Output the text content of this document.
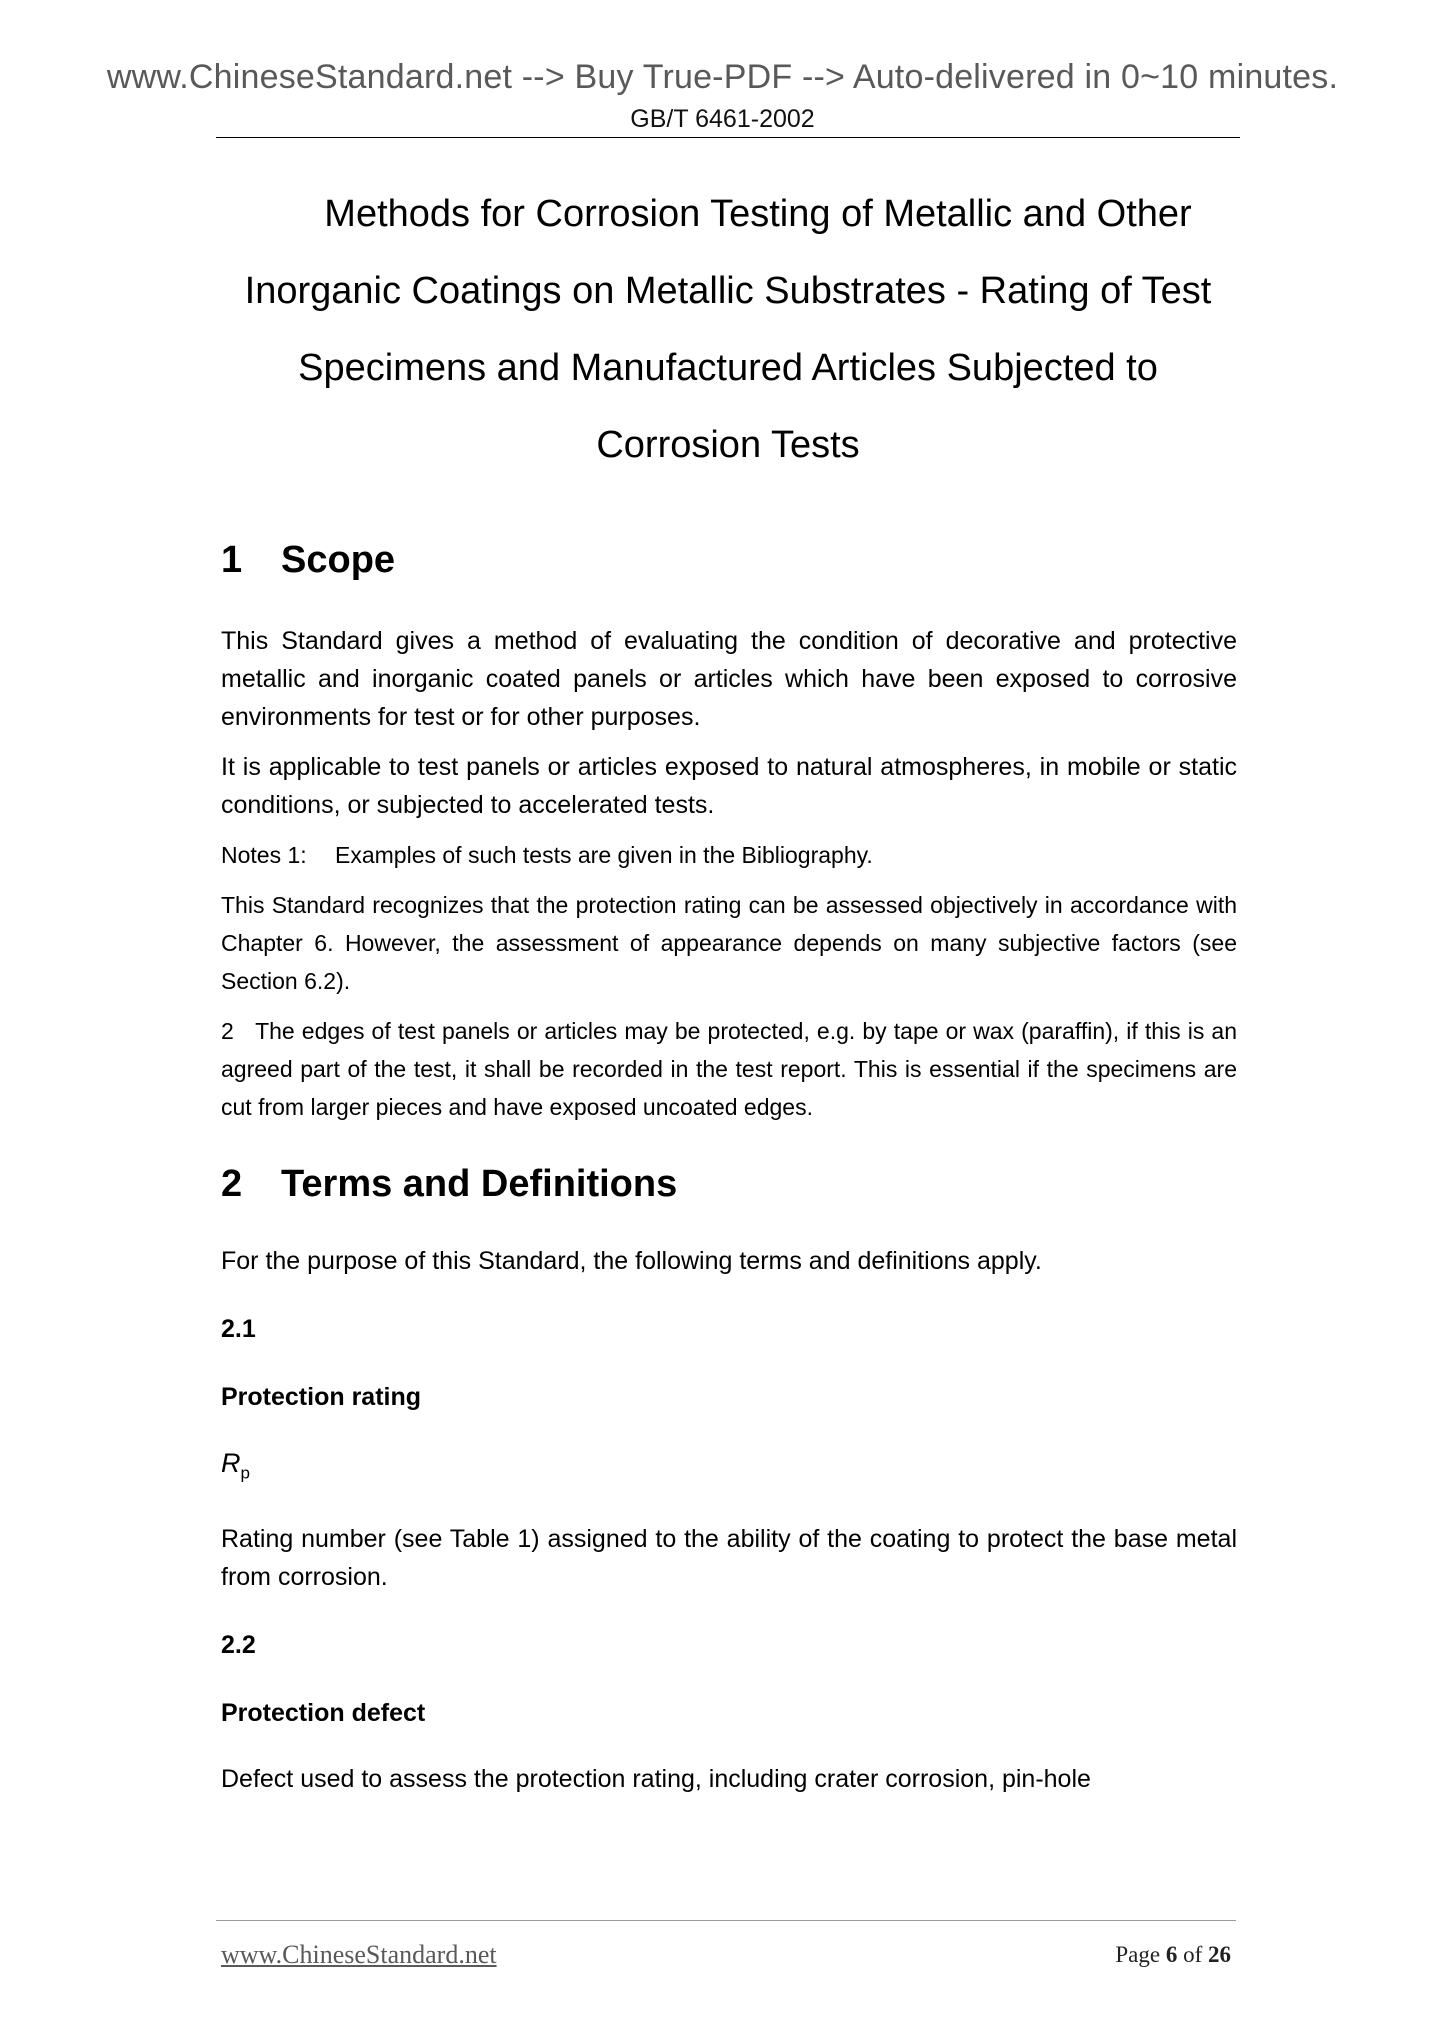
www.ChineseStandard.net --> Buy True-PDF --> Auto-delivered in 0~10 minutes.
GB/T 6461-2002
Methods for Corrosion Testing of Metallic and Other
Inorganic Coatings on Metallic Substrates - Rating of Test
Specimens and Manufactured Articles Subjected to
Corrosion Tests
1 Scope

This Standard gives a method of evaluating the condition of decorative and protective metallic and inorganic coated panels or articles which have been exposed to corrosive environments for test or for other purposes.

It is applicable to test panels or articles exposed to natural atmospheres, in mobile or static conditions, or subjected to accelerated tests.

Notes 1: Examples of such tests are given in the Bibliography.

This Standard recognizes that the protection rating can be assessed objectively in accordance with Chapter 6. However, the assessment of appearance depends on many subjective factors (see Section 6.2).

2 The edges of test panels or articles may be protected, e.g. by tape or wax (paraffin), if this is an agreed part of the test, it shall be recorded in the test report. This is essential if the specimens are cut from larger pieces and have exposed uncoated edges.

2 Terms and Definitions

For the purpose of this Standard, the following terms and definitions apply.

2.1

Protection rating

$R_p$

Rating number (see Table 1) assigned to the ability of the coating to protect the base metal from corrosion.

2.2

Protection defect

Defect used to assess the protection rating, including crater corrosion, pin-hole

www.ChineseStandard.net	Page 6 of 26
